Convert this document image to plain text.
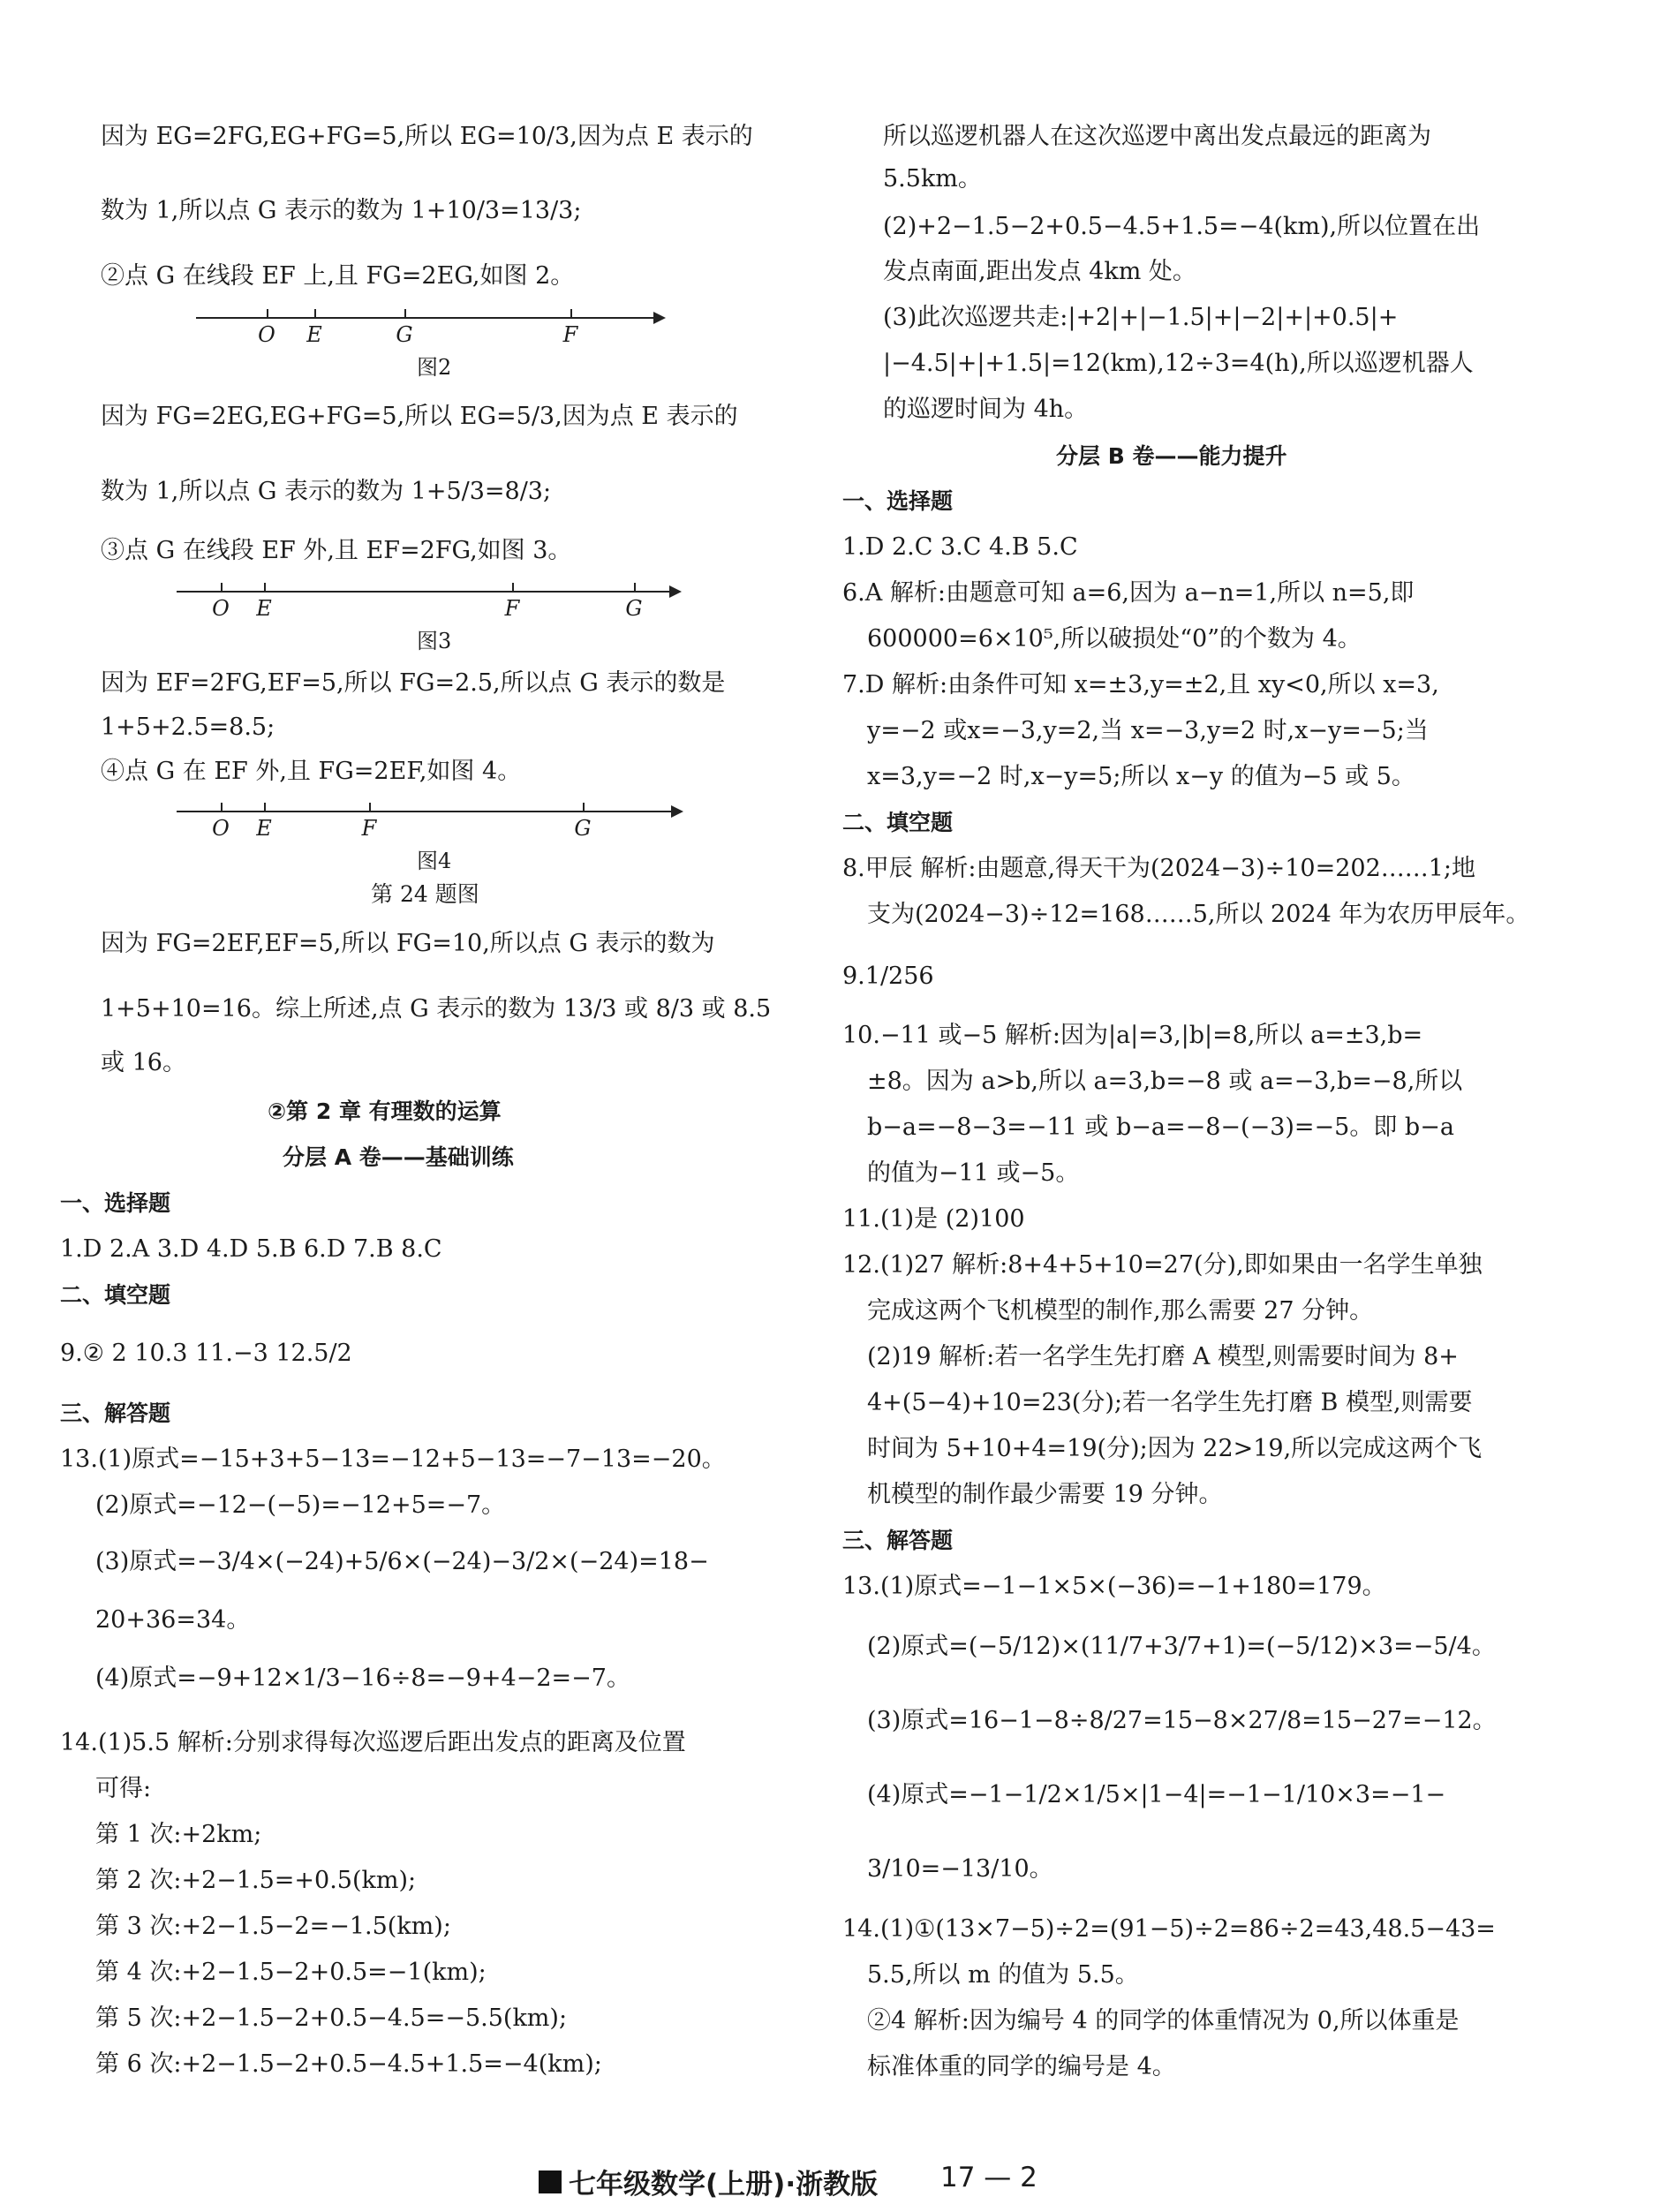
因为 EG=2FG,EG+FG=5,所以 EG=10/3,因为点 E 表示的
数为 1,所以点 G 表示的数为 1+10/3=13/3;
②点 G 在线段 EF 上,且 FG=2EG,如图 2。
O E	G	F
图2
因为 FG=2EG,EG+FG=5,所以 EG=5/3,因为点 E 表示的
数为 1,所以点 G 表示的数为 1+5/3=8/3;
③点 G 在线段 EF 外,且 EF=2FG,如图 3。
O E	F	G
图3
因为 EF=2FG,EF=5,所以 FG=2.5,所以点 G 表示的数是
1+5+2.5=8.5;
④点 G 在 EF 外,且 FG=2EF,如图 4。
O E	F	G
图4
第 24 题图
因为 FG=2EF,EF=5,所以 FG=10,所以点 G 表示的数为
1+5+10=16。综上所述,点 G 表示的数为 13/3 或 8/3 或 8.5
或 16。
②第 2 章 有理数的运算
分层 A 卷——基础训练
一、选择题
1.D 2.A 3.D 4.D 5.B 6.D 7.B 8.C
二、填空题
9.② 2 10.3 11.−3 12.5/2
三、解答题
13.(1)原式=−15+3+5−13=−12+5−13=−7−13=−20。
(2)原式=−12−(−5)=−12+5=−7。
(3)原式=−3/4×(−24)+5/6×(−24)−3/2×(−24)=18−
20+36=34。
(4)原式=−9+12×1/3−16÷8=−9+4−2=−7。
14.(1)5.5 解析:分别求得每次巡逻后距出发点的距离及位置
可得:
第 1 次:+2km;
第 2 次:+2−1.5=+0.5(km);
第 3 次:+2−1.5−2=−1.5(km);
第 4 次:+2−1.5−2+0.5=−1(km);
第 5 次:+2−1.5−2+0.5−4.5=−5.5(km);
第 6 次:+2−1.5−2+0.5−4.5+1.5=−4(km);
所以巡逻机器人在这次巡逻中离出发点最远的距离为
5.5km。
(2)+2−1.5−2+0.5−4.5+1.5=−4(km),所以位置在出
发点南面,距出发点 4km 处。
(3)此次巡逻共走:|+2|+|−1.5|+|−2|+|+0.5|+
|−4.5|+|+1.5|=12(km),12÷3=4(h),所以巡逻机器人
的巡逻时间为 4h。
分层 B 卷——能力提升
一、选择题
1.D 2.C 3.C 4.B 5.C
6.A 解析:由题意可知 a=6,因为 a−n=1,所以 n=5,即
600000=6×10⁵,所以破损处“0”的个数为 4。
7.D 解析:由条件可知 x=±3,y=±2,且 xy<0,所以 x=3,
y=−2 或x=−3,y=2,当 x=−3,y=2 时,x−y=−5;当
x=3,y=−2 时,x−y=5;所以 x−y 的值为−5 或 5。
二、填空题
8.甲辰 解析:由题意,得天干为(2024−3)÷10=202……1;地
支为(2024−3)÷12=168……5,所以 2024 年为农历甲辰年。
9.1/256
10.−11 或−5 解析:因为|a|=3,|b|=8,所以 a=±3,b=
±8。因为 a>b,所以 a=3,b=−8 或 a=−3,b=−8,所以
b−a=−8−3=−11 或 b−a=−8−(−3)=−5。即 b−a
的值为−11 或−5。
11.(1)是 (2)100
12.(1)27 解析:8+4+5+10=27(分),即如果由一名学生单独
完成这两个飞机模型的制作,那么需要 27 分钟。
(2)19 解析:若一名学生先打磨 A 模型,则需要时间为 8+
4+(5−4)+10=23(分);若一名学生先打磨 B 模型,则需要
时间为 5+10+4=19(分);因为 22>19,所以完成这两个飞
机模型的制作最少需要 19 分钟。
三、解答题
13.(1)原式=−1−1×5×(−36)=−1+180=179。
(2)原式=(−5/12)×(11/7+3/7+1)=(−5/12)×3=−5/4。
(3)原式=16−1−8÷8/27=15−8×27/8=15−27=−12。
(4)原式=−1−1/2×1/5×|1−4|=−1−1/10×3=−1−
3/10=−13/10。
14.(1)①(13×7−5)÷2=(91−5)÷2=86÷2=43,48.5−43=
5.5,所以 m 的值为 5.5。
②4 解析:因为编号 4 的同学的体重情况为 0,所以体重是
标准体重的同学的编号是 4。
七年级数学(上册)·浙教版 17 — 2
